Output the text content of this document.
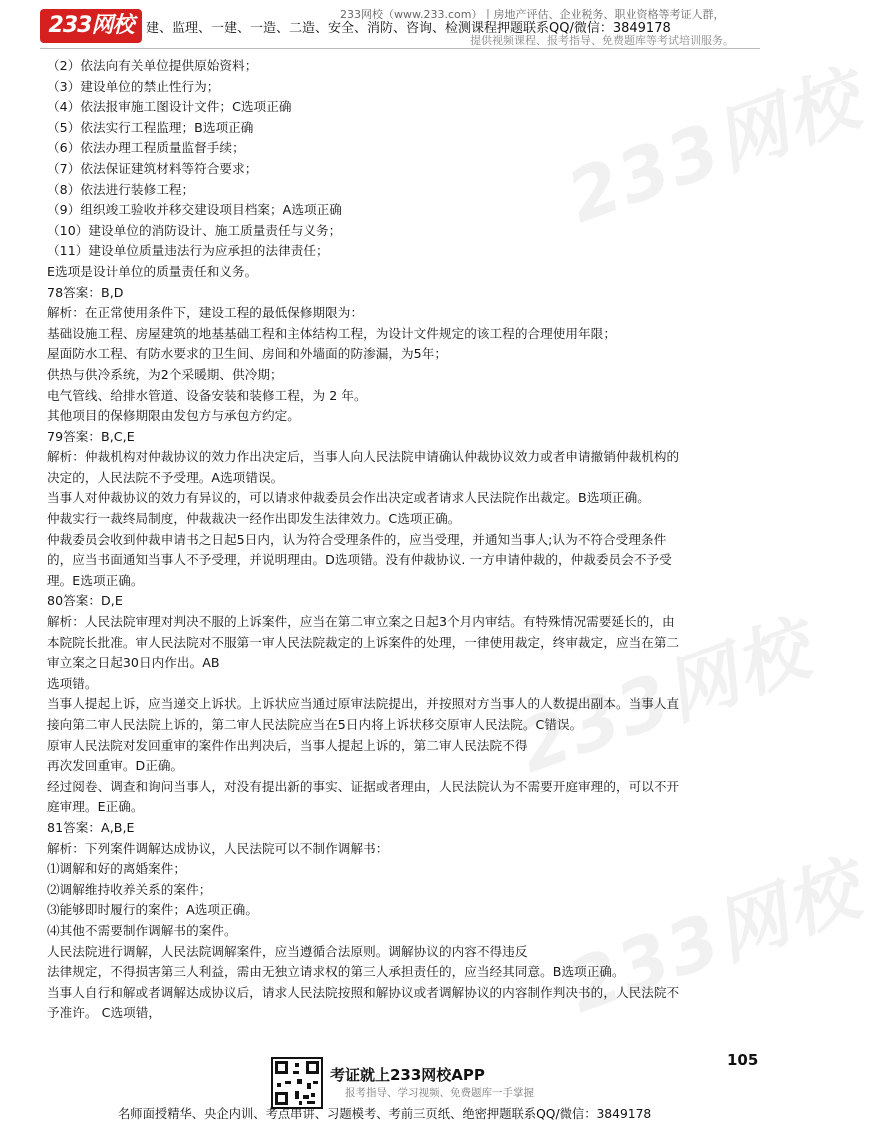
233网校 建、监理、一建、一造、二造、安全、消防、咨询、检测课程押题联系QQ/微信：3849178
233网校（www.233.com）丨房地产评估、企业税务、职业资格等考证人群，
提供视频课程、报考指导、免费题库等考试培训服务。
233网校
233网校
233网校
（2）依法向有关单位提供原始资料；
（3）建设单位的禁止性行为；
（4）依法报审施工图设计文件；C选项正确
（5）依法实行工程监理；B选项正确
（6）依法办理工程质量监督手续；
（7）依法保证建筑材料等符合要求；
（8）依法进行装修工程；
（9）组织竣工验收并移交建设项目档案；A选项正确
（10）建设单位的消防设计、施工质量责任与义务；
（11）建设单位质量违法行为应承担的法律责任；
E选项是设计单位的质量责任和义务。
78答案：B,D
解析：在正常使用条件下，建设工程的最低保修期限为：
基础设施工程、房屋建筑的地基基础工程和主体结构工程，为设计文件规定的该工程的合理使用年限；
屋面防水工程、有防水要求的卫生间、房间和外墙面的防渗漏，为5年；
供热与供冷系统，为2个采暖期、供冷期；
电气管线、给排水管道、设备安装和装修工程，为 2 年。
其他项目的保修期限由发包方与承包方约定。
79答案：B,C,E
解析：仲裁机构对仲裁协议的效力作出决定后，当事人向人民法院申请确认仲裁协议效力或者申请撤销仲裁机构的
决定的，人民法院不予受理。A选项错误。
当事人对仲裁协议的效力有异议的，可以请求仲裁委员会作出决定或者请求人民法院作出裁定。B选项正确。
仲裁实行一裁终局制度，仲裁裁决一经作出即发生法律效力。C选项正确。
仲裁委员会收到仲裁申请书之日起5日内，认为符合受理条件的，应当受理，并通知当事人;认为不符合受理条件
的，应当书面通知当事人不予受理，并说明理由。D选项错。没有仲裁协议. 一方申请仲裁的，仲裁委员会不予受
理。E选项正确。
80答案：D,E
解析：人民法院审理对判决不服的上诉案件，应当在第二审立案之日起3个月内审结。有特殊情况需要延长的，由
本院院长批准。审人民法院对不服第一审人民法院裁定的上诉案件的处理，一律使用裁定，终审裁定，应当在第二
审立案之日起30日内作出。AB
选项错。
当事人提起上诉，应当递交上诉状。上诉状应当通过原审法院提出，并按照对方当事人的人数提出副本。当事人直
接向第二审人民法院上诉的，第二审人民法院应当在5日内将上诉状移交原审人民法院。C错误。
原审人民法院对发回重审的案件作出判决后，当事人提起上诉的，第二审人民法院不得
再次发回重审。D正确。
经过阅卷、调查和询问当事人，对没有提出新的事实、证据或者理由，人民法院认为不需要开庭审理的，可以不开
庭审理。E正确。
81答案：A,B,E
解析：下列案件调解达成协议，人民法院可以不制作调解书：
⑴调解和好的离婚案件；
⑵调解维持收养关系的案件；
⑶能够即时履行的案件；A选项正确。
⑷其他不需要制作调解书的案件。
人民法院进行调解，人民法院调解案件，应当遵循合法原则。调解协议的内容不得违反
法律规定，不得损害第三人利益，需由无独立请求权的第三人承担责任的，应当经其同意。B选项正确。
当事人自行和解或者调解达成协议后，请求人民法院按照和解协议或者调解协议的内容制作判决书的，人民法院不
予准许。 C选项错，
105
考证就上233网校APP
报考指导、学习视频、免费题库一手掌握
名师面授精华、央企内训、考点串讲、习题模考、考前三页纸、绝密押题联系QQ/微信：3849178
